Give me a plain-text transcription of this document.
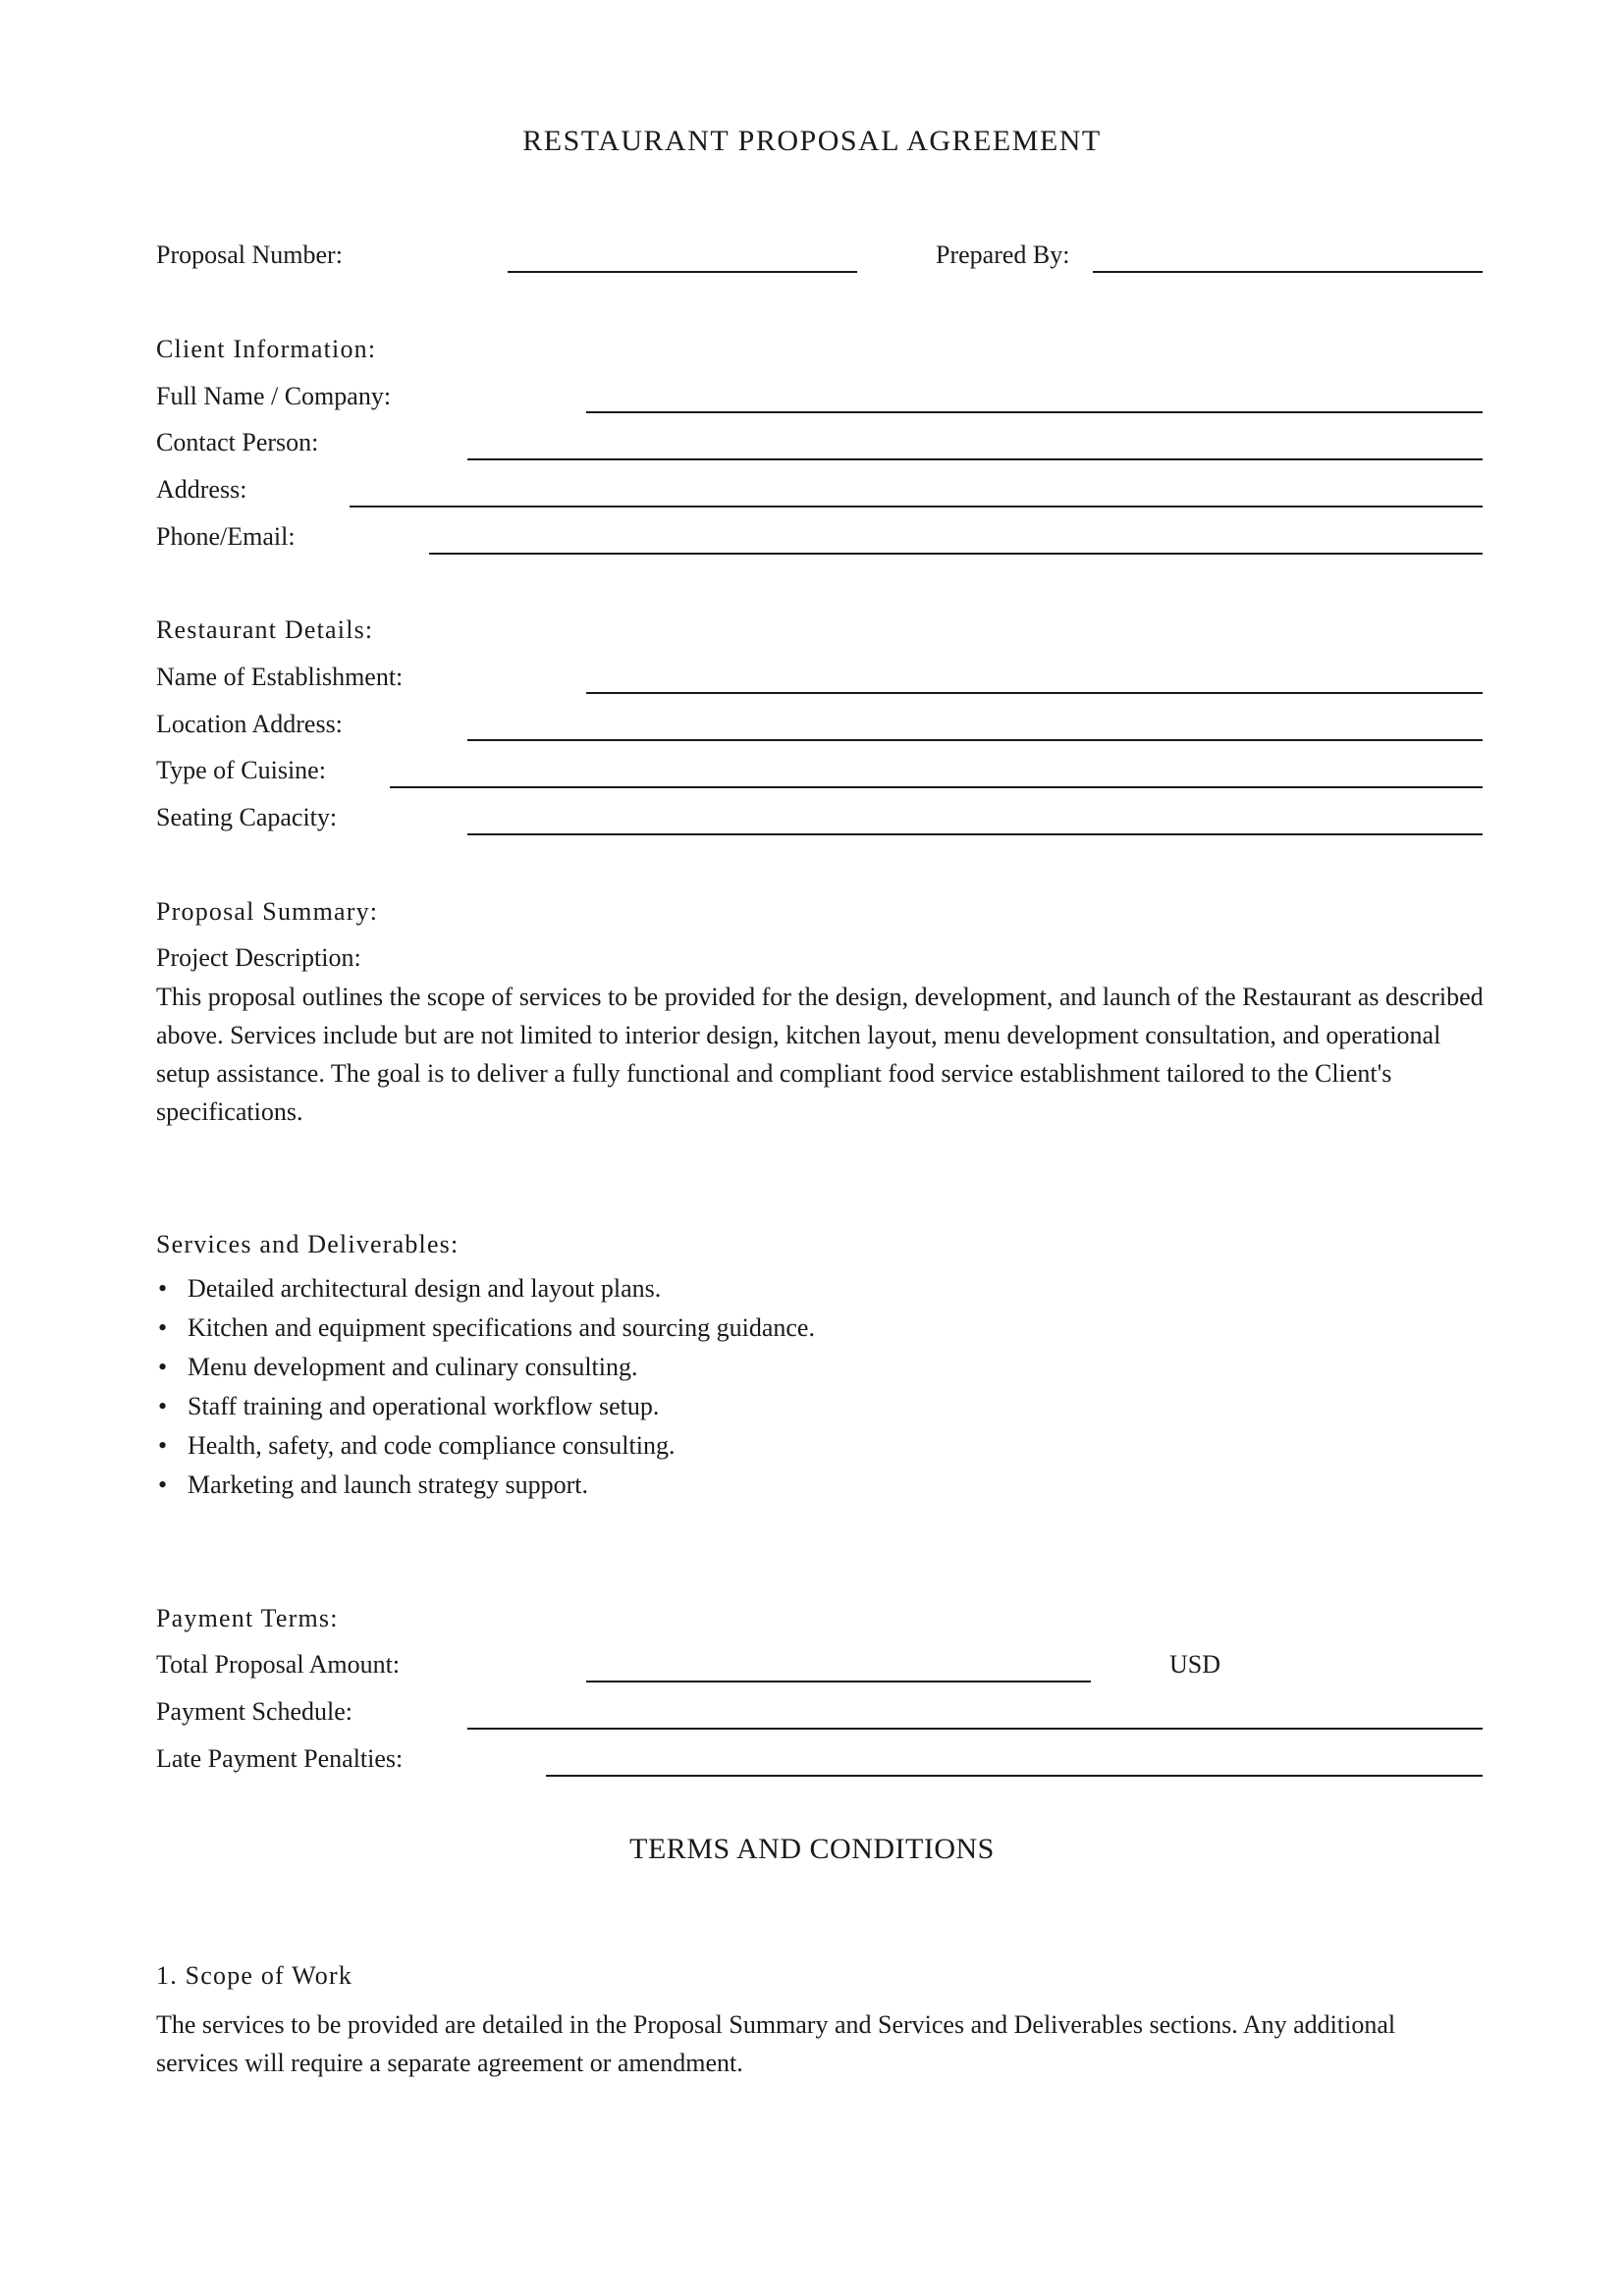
RESTAURANT PROPOSAL AGREEMENT
Proposal Number:	Prepared By:
Client Information:
Full Name / Company:
Contact Person:
Address:
Phone/Email:
Restaurant Details:
Name of Establishment:
Location Address:
Type of Cuisine:
Seating Capacity:
Proposal Summary:
Project Description:
This proposal outlines the scope of services to be provided for the design, development, and launch of the Restaurant as described above. Services include but are not limited to interior design, kitchen layout, menu development consultation, and operational setup assistance. The goal is to deliver a fully functional and compliant food service establishment tailored to the Client's specifications.
Services and Deliverables:
• Detailed architectural design and layout plans.
• Kitchen and equipment specifications and sourcing guidance.
• Menu development and culinary consulting.
• Staff training and operational workflow setup.
• Health, safety, and code compliance consulting.
• Marketing and launch strategy support.
Payment Terms:
Total Proposal Amount:	USD
Payment Schedule:
Late Payment Penalties:
TERMS AND CONDITIONS
1. Scope of Work
The services to be provided are detailed in the Proposal Summary and Services and Deliverables sections. Any additional services will require a separate agreement or amendment.
